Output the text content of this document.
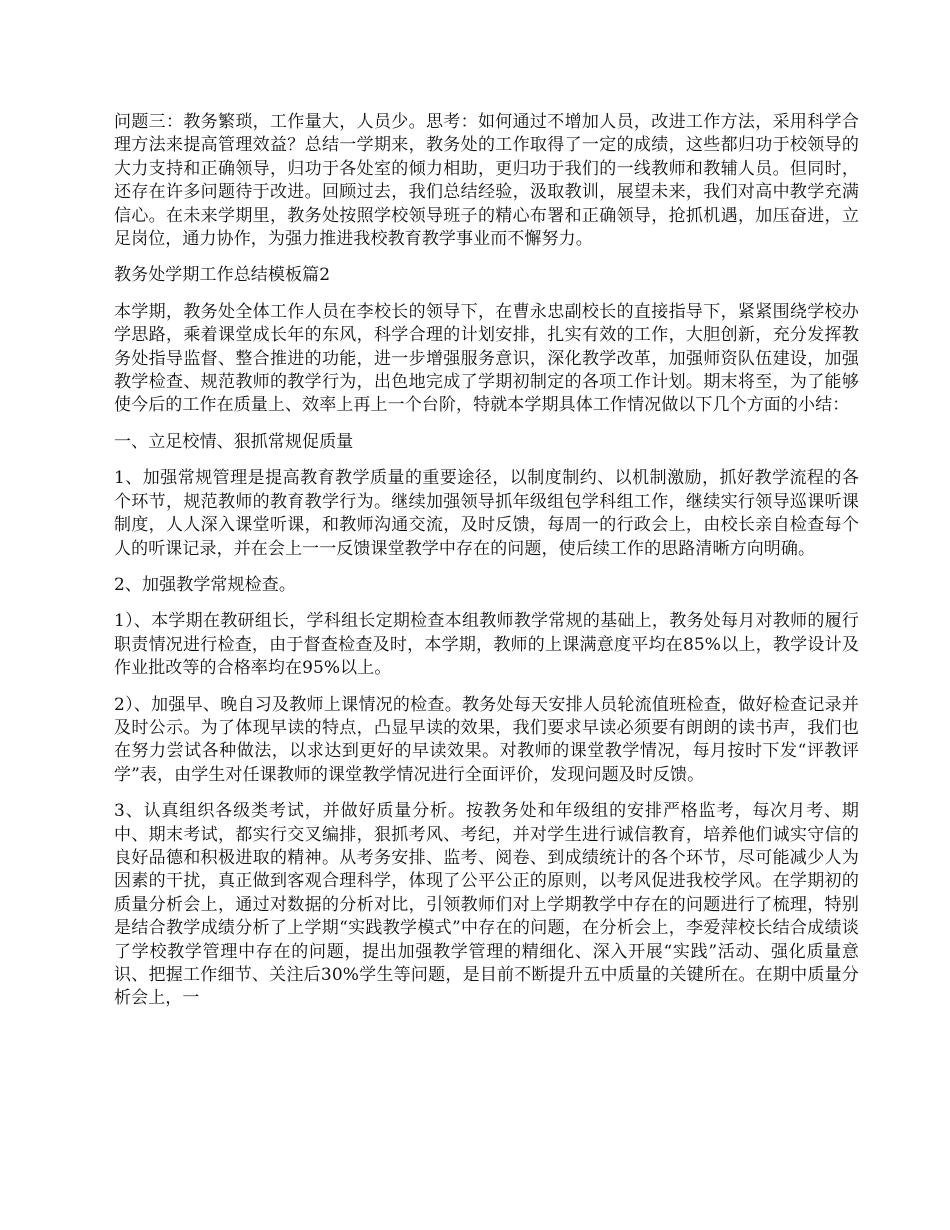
问题三：教务繁琐，工作量大，人员少。思考：如何通过不增加人员，改进工作方法，采用科学合理方法来提高管理效益？总结一学期来，教务处的工作取得了一定的成绩，这些都归功于校领导的大力支持和正确领导，归功于各处室的倾力相助，更归功于我们的一线教师和教辅人员。但同时，还存在许多问题待于改进。回顾过去，我们总结经验，汲取教训，展望未来，我们对高中教学充满信心。在未来学期里，教务处按照学校领导班子的精心布署和正确领导，抢抓机遇，加压奋进，立足岗位，通力协作，为强力推进我校教育教学事业而不懈努力。

教务处学期工作总结模板篇2

本学期，教务处全体工作人员在李校长的领导下，在曹永忠副校长的直接指导下，紧紧围绕学校办学思路，乘着课堂成长年的东风，科学合理的计划安排，扎实有效的工作，大胆创新，充分发挥教务处指导监督、整合推进的功能，进一步增强服务意识，深化教学改革，加强师资队伍建设，加强教学检查、规范教师的教学行为，出色地完成了学期初制定的各项工作计划。期末将至，为了能够使今后的工作在质量上、效率上再上一个台阶，特就本学期具体工作情况做以下几个方面的小结：

一、立足校情、狠抓常规促质量

1、加强常规管理是提高教育教学质量的重要途径，以制度制约、以机制激励，抓好教学流程的各个环节，规范教师的教育教学行为。继续加强领导抓年级组包学科组工作，继续实行领导巡课听课制度，人人深入课堂听课，和教师沟通交流，及时反馈，每周一的行政会上，由校长亲自检查每个人的听课记录，并在会上一一反馈课堂教学中存在的问题，使后续工作的思路清晰方向明确。

2、加强教学常规检查。

1）、本学期在教研组长，学科组长定期检查本组教师教学常规的基础上，教务处每月对教师的履行职责情况进行检查，由于督查检查及时，本学期，教师的上课满意度平均在85%以上，教学设计及作业批改等的合格率均在95%以上。

2）、加强早、晚自习及教师上课情况的检查。教务处每天安排人员轮流值班检查，做好检查记录并及时公示。为了体现早读的特点，凸显早读的效果，我们要求早读必须要有朗朗的读书声，我们也在努力尝试各种做法，以求达到更好的早读效果。对教师的课堂教学情况，每月按时下发“评教评学”表，由学生对任课教师的课堂教学情况进行全面评价，发现问题及时反馈。

3、认真组织各级类考试，并做好质量分析。按教务处和年级组的安排严格监考，每次月考、期中、期末考试，都实行交叉编排，狠抓考风、考纪，并对学生进行诚信教育，培养他们诚实守信的良好品德和积极进取的精神。从考务安排、监考、阅卷、到成绩统计的各个环节，尽可能减少人为因素的干扰，真正做到客观合理科学，体现了公平公正的原则，以考风促进我校学风。在学期初的质量分析会上，通过对数据的分析对比，引领教师们对上学期教学中存在的问题进行了梳理，特别是结合教学成绩分析了上学期“实践教学模式”中存在的问题，在分析会上，李爱萍校长结合成绩谈了学校教学管理中存在的问题，提出加强教学管理的精细化、深入开展“实践”活动、强化质量意识、把握工作细节、关注后30%学生等问题，是目前不断提升五中质量的关键所在。在期中质量分析会上，一
